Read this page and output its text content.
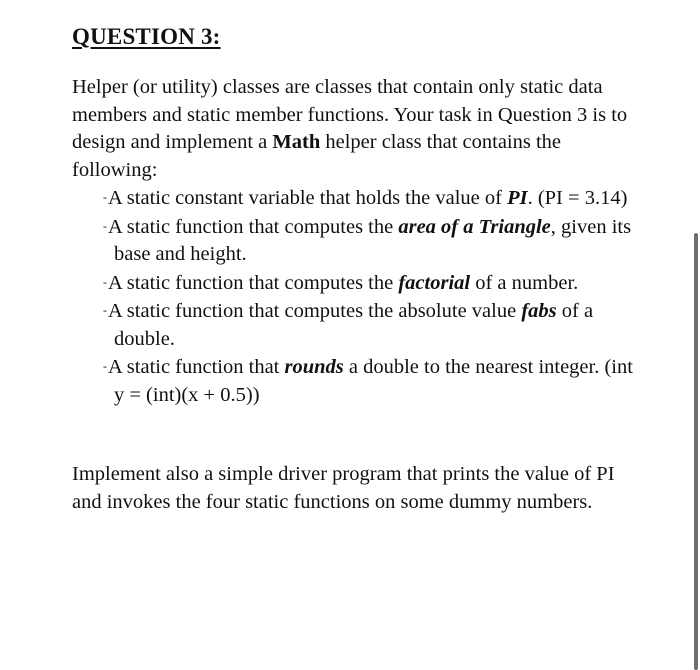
QUESTION 3:

Helper (or utility) classes are classes that contain only static data members and static member functions. Your task in Question 3 is to design and implement a Math helper class that contains the following:

-A static constant variable that holds the value of PI. (PI = 3.14)
-A static function that computes the area of a Triangle, given its base and height.
-A static function that computes the factorial of a number.
-A static function that computes the absolute value fabs of a double.
-A static function that rounds a double to the nearest integer. (int y = (int)(x + 0.5))

Implement also a simple driver program that prints the value of PI and invokes the four static functions on some dummy numbers.
